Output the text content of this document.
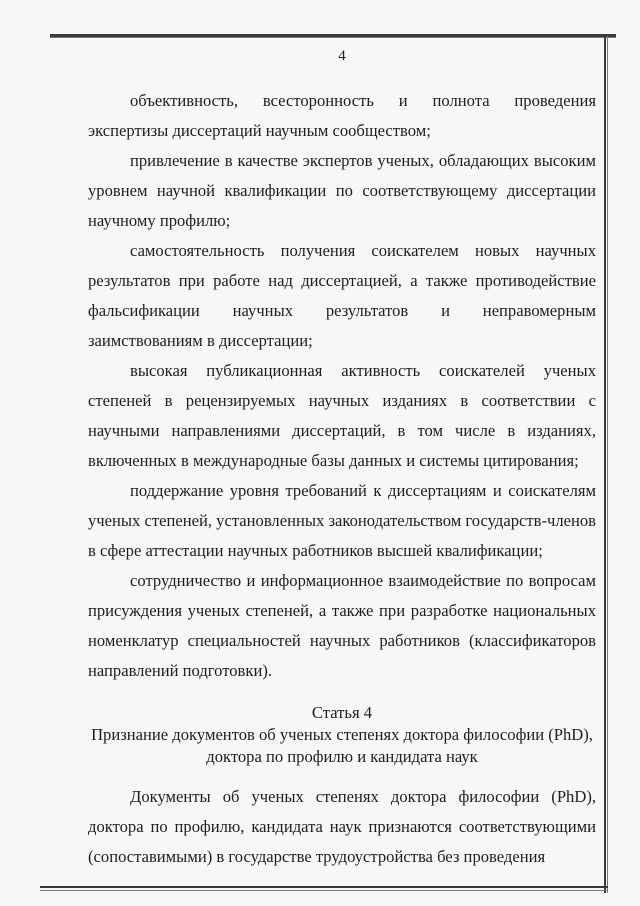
4

объективность, всесторонность и полнота проведения экспертизы диссертаций научным сообществом;

привлечение в качестве экспертов ученых, обладающих высоким уровнем научной квалификации по соответствующему диссертации научному профилю;

самостоятельность получения соискателем новых научных результатов при работе над диссертацией, а также противодействие фальсификации научных результатов и неправомерным заимствованиям в диссертации;

высокая публикационная активность соискателей ученых степеней в рецензируемых научных изданиях в соответствии с научными направлениями диссертаций, в том числе в изданиях, включенных в международные базы данных и системы цитирования;

поддержание уровня требований к диссертациям и соискателям ученых степеней, установленных законодательством государств-членов в сфере аттестации научных работников высшей квалификации;

сотрудничество и информационное взаимодействие по вопросам присуждения ученых степеней, а также при разработке национальных номенклатур специальностей научных работников (классификаторов направлений подготовки).

Статья 4
Признание документов об ученых степенях доктора философии (PhD),
доктора по профилю и кандидата наук

Документы об ученых степенях доктора философии (PhD), доктора по профилю, кандидата наук признаются соответствующими (сопоставимыми) в государстве трудоустройства без проведения
